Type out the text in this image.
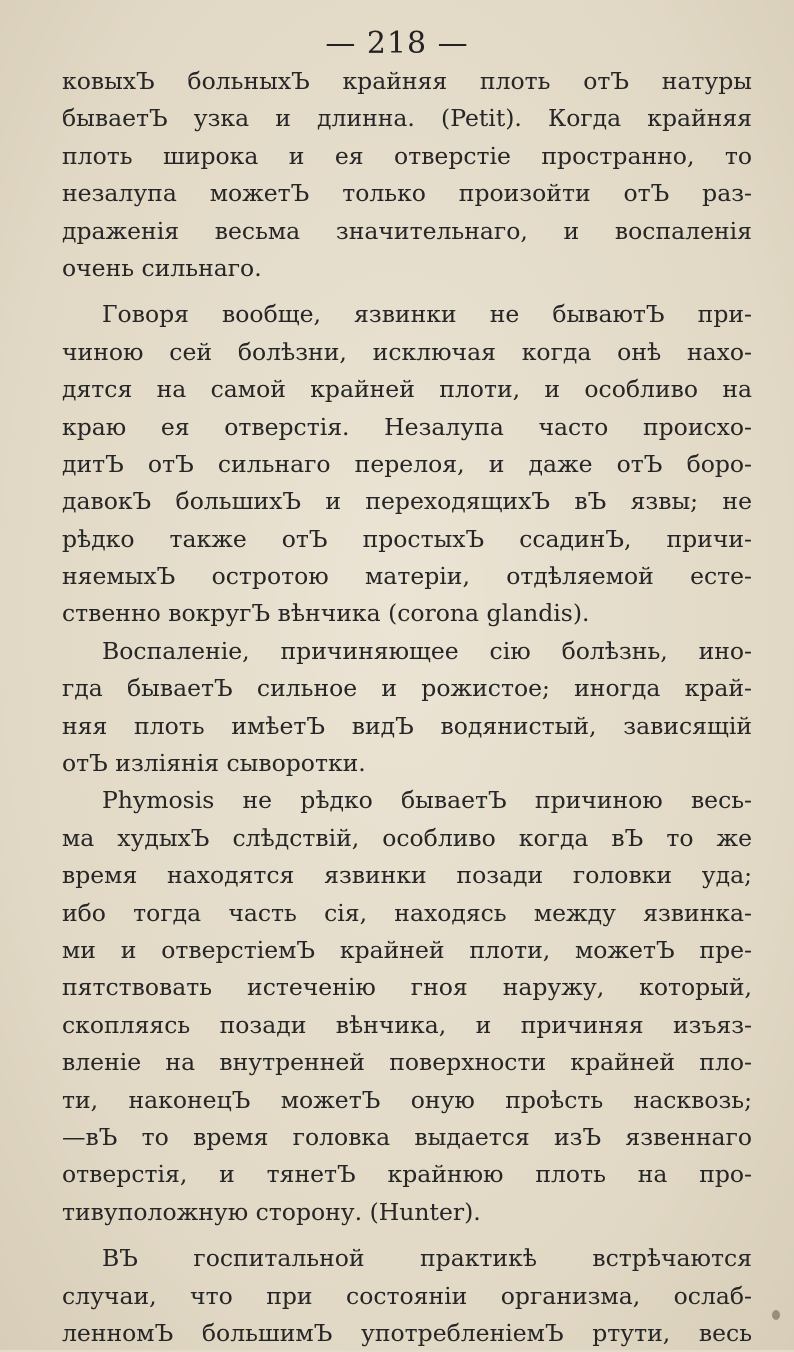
— 218 —
ковыхЪ больныхЪ крайняя плоть отЪ натуры
бываетЪ узка и длинна. (Petit). Когда крайняя
плоть широка и ея отверстіе пространно, то
незалупа можетЪ только произойти отЪ раз-
драженія весьма значительнаго, и воспаленія
очень сильнаго.
Говоря вообще, язвинки не бываютЪ при-
чиною сей болѣзни, исключая когда онѣ нахо-
дятся на самой крайней плоти, и особливо на
краю ея отверстія. Незалупа часто происхо-
дитЪ отЪ сильнаго перелоя, и даже отЪ боро-
давокЪ большихЪ и переходящихЪ вЪ язвы; не
рѣдко также отЪ простыхЪ ссадинЪ, причи-
няемыхЪ остротою матеріи, отдѣляемой есте-
ственно вокругЪ вѣнчика (corona glandis).
Воспаленіе, причиняющее сію болѣзнь, ино-
гда бываетЪ сильное и рожистое; иногда край-
няя плоть имѣетЪ видЪ водянистый, зависящій
отЪ изліянія сыворотки.
Phymosis не рѣдко бываетЪ причиною весь-
ма худыхЪ слѣдствій, особливо когда вЪ то же
время находятся язвинки позади головки уда;
ибо тогда часть сія, находясь между язвинка-
ми и отверстіемЪ крайней плоти, можетЪ пре-
пятствовать истеченію гноя наружу, который,
скопляясь позади вѣнчика, и причиняя изъяз-
вленіе на внутренней поверхности крайней пло-
ти, наконецЪ можетЪ оную проѣсть насквозь;
—вЪ то время головка выдается изЪ язвеннаго
отверстія, и тянетЪ крайнюю плоть на про-
тивуположную сторону. (Hunter).
ВЪ госпитальной практикѣ встрѣчаются
случаи, что при состояніи организма, ослаб-
ленномЪ большимЪ употребленіемЪ ртути, весь
